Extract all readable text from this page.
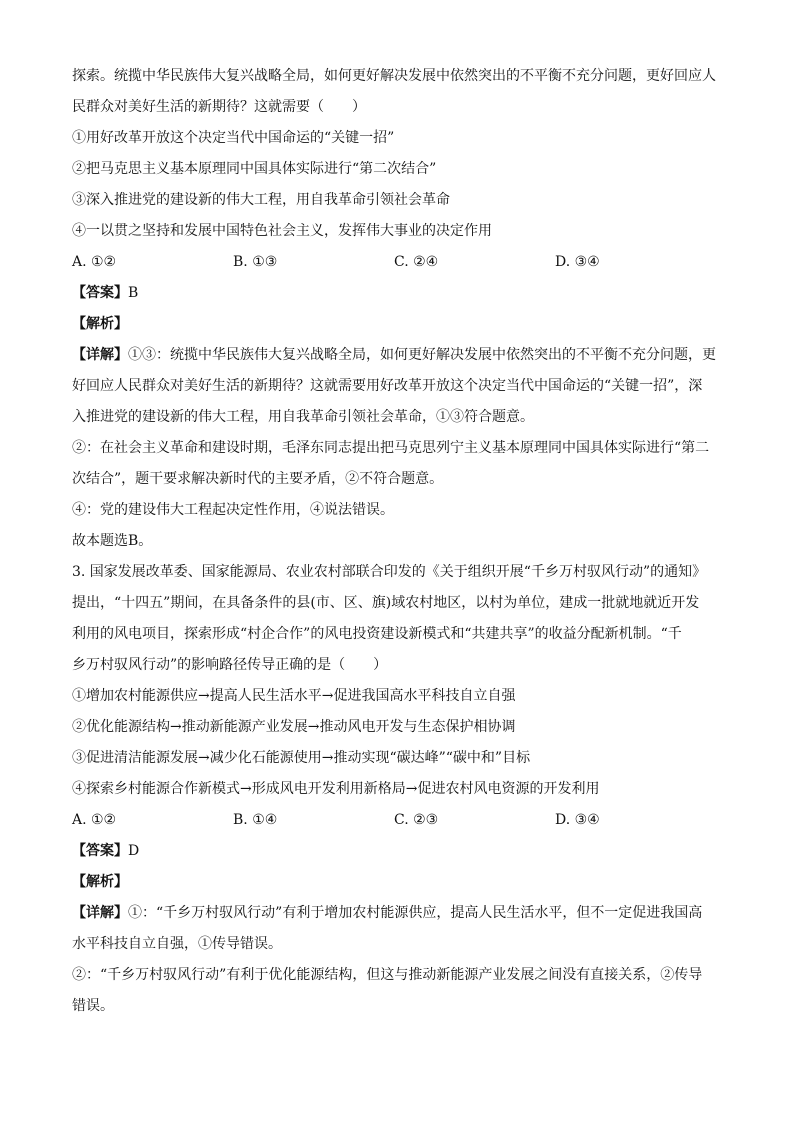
探索。统揽中华民族伟大复兴战略全局，如何更好解决发展中依然突出的不平衡不充分问题，更好回应人

民群众对美好生活的新期待？这就需要（　　）

①用好改革开放这个决定当代中国命运的“关键一招”

②把马克思主义基本原理同中国具体实际进行“第二次结合”

③深入推进党的建设新的伟大工程，用自我革命引领社会革命

④一以贯之坚持和发展中国特色社会主义，发挥伟大事业的决定作用

A. ①②	B. ①③	C. ②④	D. ③④

【答案】B

【解析】

【详解】①③：统揽中华民族伟大复兴战略全局，如何更好解决发展中依然突出的不平衡不充分问题，更

好回应人民群众对美好生活的新期待？这就需要用好改革开放这个决定当代中国命运的“关键一招”，深

入推进党的建设新的伟大工程，用自我革命引领社会革命，①③符合题意。

②：在社会主义革命和建设时期，毛泽东同志提出把马克思列宁主义基本原理同中国具体实际进行“第二

次结合”，题干要求解决新时代的主要矛盾，②不符合题意。

④：党的建设伟大工程起决定性作用，④说法错误。

故本题选B。

3. 国家发展改革委、国家能源局、农业农村部联合印发的《关于组织开展“千乡万村驭风行动”的通知》

提出，“十四五”期间，在具备条件的县(市、区、旗)域农村地区，以村为单位，建成一批就地就近开发

利用的风电项目，探索形成“村企合作”的风电投资建设新模式和“共建共享”的收益分配新机制。“千

乡万村驭风行动”的影响路径传导正确的是（　　）

①增加农村能源供应→提高人民生活水平→促进我国高水平科技自立自强

②优化能源结构→推动新能源产业发展→推动风电开发与生态保护相协调

③促进清洁能源发展→减少化石能源使用→推动实现“碳达峰”“碳中和”目标

④探索乡村能源合作新模式→形成风电开发利用新格局→促进农村风电资源的开发利用

A. ①②	B. ①④	C. ②③	D. ③④

【答案】D

【解析】

【详解】①：“千乡万村驭风行动”有利于增加农村能源供应，提高人民生活水平，但不一定促进我国高

水平科技自立自强，①传导错误。

②：“千乡万村驭风行动”有利于优化能源结构，但这与推动新能源产业发展之间没有直接关系，②传导

错误。
